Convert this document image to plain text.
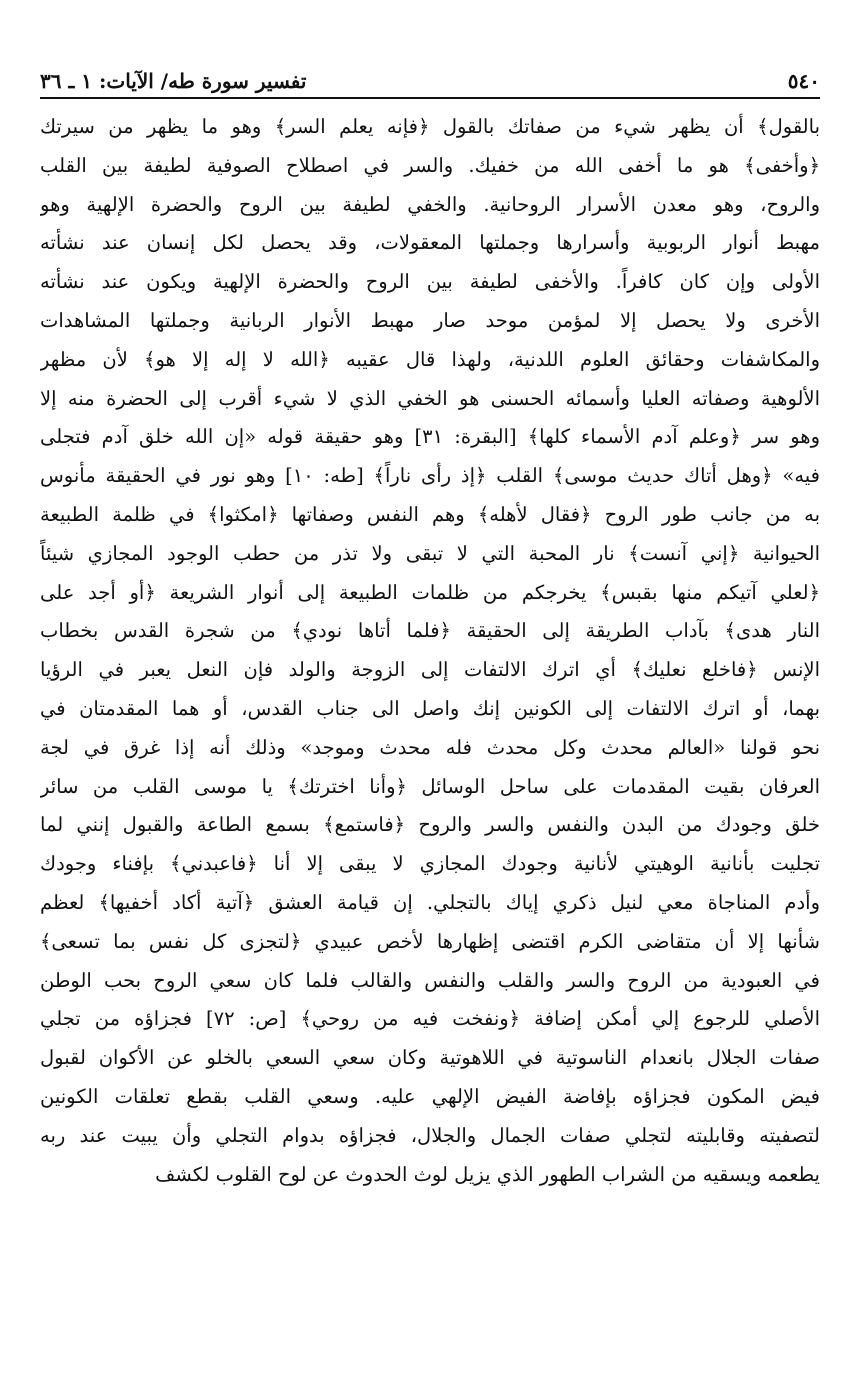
٥٤٠
تفسير سورة طه/ الآيات: ١ ـ ٣٦
بالقول﴾ أن يظهر شيء من صفاتك بالقول ﴿فإنه يعلم السر﴾ وهو ما يظهر من سيرتك
﴿وأخفى﴾ هو ما أخفى الله من خفيك. والسر في اصطلاح الصوفية لطيفة بين القلب
والروح، وهو معدن الأسرار الروحانية. والخفي لطيفة بين الروح والحضرة الإلهية وهو
مهبط أنوار الربوبية وأسرارها وجملتها المعقولات، وقد يحصل لكل إنسان عند نشأته
الأولى وإن كان كافراً. والأخفى لطيفة بين الروح والحضرة الإلهية ويكون عند نشأته
الأخرى ولا يحصل إلا لمؤمن موحد صار مهبط الأنوار الربانية وجملتها المشاهدات
والمكاشفات وحقائق العلوم اللدنية، ولهذا قال عقيبه ﴿الله لا إله إلا هو﴾ لأن مظهر
الألوهية وصفاته العليا وأسمائه الحسنى هو الخفي الذي لا شيء أقرب إلى الحضرة منه إلا
وهو سر ﴿وعلم آدم الأسماء كلها﴾ [البقرة: ٣١] وهو حقيقة قوله «إن الله خلق آدم فتجلى
فيه» ﴿وهل أتاك حديث موسى﴾ القلب ﴿إذ رأى ناراً﴾ [طه: ١٠] وهو نور في الحقيقة مأنوس
به من جانب طور الروح ﴿فقال لأهله﴾ وهم النفس وصفاتها ﴿امكثوا﴾ في ظلمة الطبيعة
الحيوانية ﴿إني آنست﴾ نار المحبة التي لا تبقى ولا تذر من حطب الوجود المجازي شيئاً
﴿لعلي آتيكم منها بقبس﴾ يخرجكم من ظلمات الطبيعة إلى أنوار الشريعة ﴿أو أجد على
النار هدى﴾ بآداب الطريقة إلى الحقيقة ﴿فلما أتاها نودي﴾ من شجرة القدس بخطاب
الإنس ﴿فاخلع نعليك﴾ أي اترك الالتفات إلى الزوجة والولد فإن النعل يعبر في الرؤيا
بهما، أو اترك الالتفات إلى الكونين إنك واصل الى جناب القدس، أو هما المقدمتان في
نحو قولنا «العالم محدث وكل محدث فله محدث وموجد» وذلك أنه إذا غرق في لجة
العرفان بقيت المقدمات على ساحل الوسائل ﴿وأنا اخترتك﴾ يا موسى القلب من سائر
خلق وجودك من البدن والنفس والسر والروح ﴿فاستمع﴾ بسمع الطاعة والقبول إنني لما
تجليت بأنانية الوهيتي لأنانية وجودك المجازي لا يبقى إلا أنا ﴿فاعبدني﴾ بإفناء وجودك
وأدم المناجاة معي لنيل ذكري إياك بالتجلي. إن قيامة العشق ﴿آتية أكاد أخفيها﴾ لعظم
شأنها إلا أن متقاضى الكرم اقتضى إظهارها لأخص عبيدي ﴿لتجزى كل نفس بما تسعى﴾
في العبودية من الروح والسر والقلب والنفس والقالب فلما كان سعي الروح بحب الوطن
الأصلي للرجوع إلي أمكن إضافة ﴿ونفخت فيه من روحي﴾ [ص: ٧٢] فجزاؤه من تجلي
صفات الجلال بانعدام الناسوتية في اللاهوتية وكان سعي السعي بالخلو عن الأكوان لقبول
فيض المكون فجزاؤه بإفاضة الفيض الإلهي عليه. وسعي القلب بقطع تعلقات الكونين
لتصفيته وقابليته لتجلي صفات الجمال والجلال، فجزاؤه بدوام التجلي وأن يبيت عند ربه
يطعمه ويسقيه من الشراب الطهور الذي يزيل لوث الحدوث عن لوح القلوب لكشف
